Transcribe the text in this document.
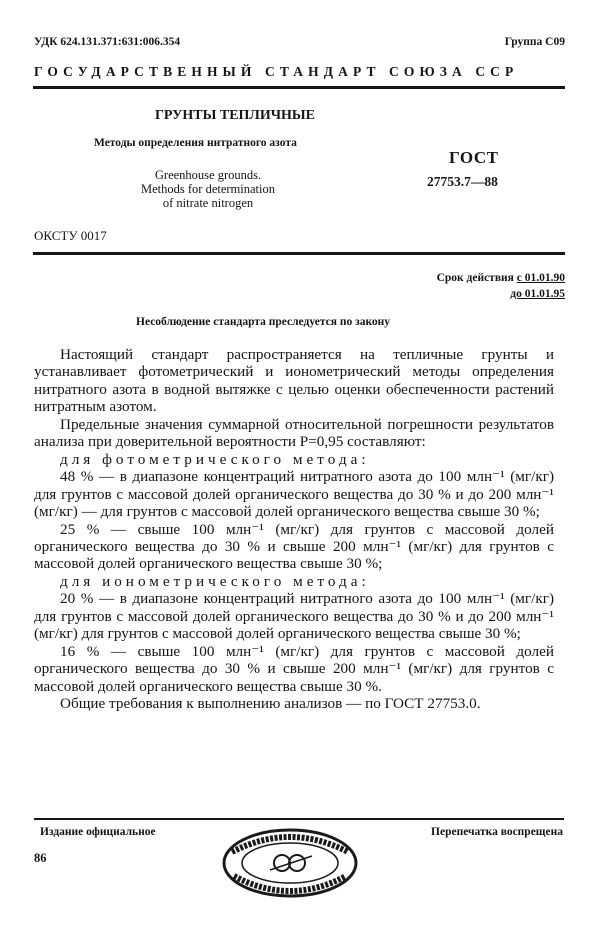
УДК 624.131.371:631:006.354	Группа С09
ГОСУДАРСТВЕННЫЙ СТАНДАРТ СОЮЗА ССР
ГРУНТЫ ТЕПЛИЧНЫЕ
Методы определения нитратного азота
Greenhouse grounds.
Methods for determination
of nitrate nitrogen
ГОСТ
27753.7—88
ОКСТУ 0017
Срок действия с 01.01.90
до 01.01.95
Несоблюдение стандарта преследуется по закону

Настоящий стандарт распространяется на тепличные грунты и устанавливает фотометрический и ионометрический методы определения нитратного азота в водной вытяжке с целью оценки обеспеченности растений нитратным азотом.

Предельные значения суммарной относительной погрешности результатов анализа при доверительной вероятности P=0,95 составляют:

для фотометрического метода:

48 % — в диапазоне концентраций нитратного азота до 100 млн⁻¹ (мг/кг) для грунтов с массовой долей органического вещества до 30 % и до 200 млн⁻¹ (мг/кг) — для грунтов с массовой долей органического вещества свыше 30 %;

25 % — свыше 100 млн⁻¹ (мг/кг) для грунтов с массовой долей органического вещества до 30 % и свыше 200 млн⁻¹ (мг/кг) для грунтов с массовой долей органического вещества свыше 30 %;

для ионометрического метода:

20 % — в диапазоне концентраций нитратного азота до 100 млн⁻¹ (мг/кг) для грунтов с массовой долей органического вещества до 30 % и до 200 млн⁻¹ (мг/кг) для грунтов с массовой долей органического вещества свыше 30 %;

16 % — свыше 100 млн⁻¹ (мг/кг) для грунтов с массовой долей органического вещества до 30 % и свыше 200 млн⁻¹ (мг/кг) для грунтов с массовой долей органического вещества свыше 30 %.

Общие требования к выполнению анализов — по ГОСТ 27753.0.

Издание официальное	Перепечатка воспрещена
86
